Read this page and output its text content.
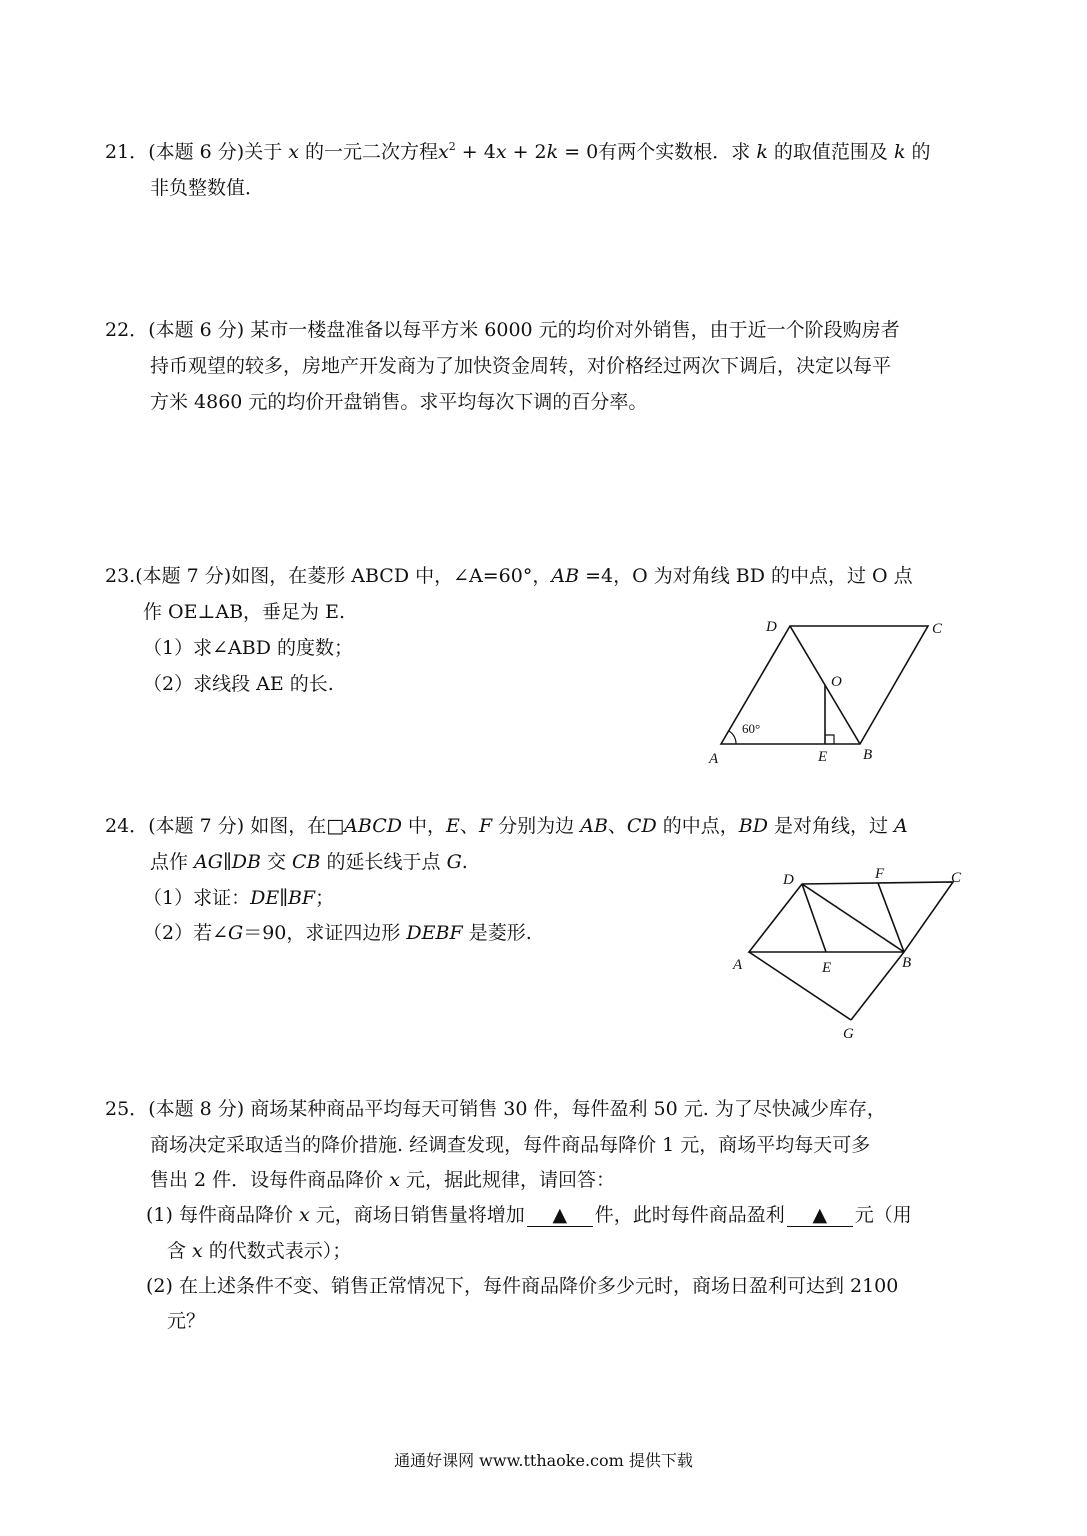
21．(本题 6 分)关于 x 的一元二次方程$x^2 + 4x + 2k = 0$有两个实数根．求 k 的取值范围及 k 的
非负整数值．
22．(本题 6 分) 某市一楼盘准备以每平方米 6000 元的均价对外销售，由于近一个阶段购房者
持币观望的较多，房地产开发商为了加快资金周转，对价格经过两次下调后，决定以每平
方米 4860 元的均价开盘销售。求平均每次下调的百分率。
23.(本题 7 分)如图，在菱形 ABCD 中，∠A=60°，AB =4，O 为对角线 BD 的中点，过 O 点
作 OE⊥AB，垂足为 E.
（1）求∠ABD 的度数；
（2）求线段 AE 的长.
D	C
O
60°
A	E B
24．(本题 7 分) 如图，在□ABCD 中，E、F 分别为边 AB、CD 的中点，BD 是对角线，过 A
点作 AG∥DB 交 CB 的延长线于点 G.
（1）求证：DE∥BF；
（2）若∠G＝90，求证四边形 DEBF 是菱形.
D	F	C
A	E	B
G
25．(本题 8 分) 商场某种商品平均每天可销售 30 件，每件盈利 50 元. 为了尽快减少库存，
商场决定采取适当的降价措施. 经调查发现，每件商品每降价 1 元，商场平均每天可多
售出 2 件．设每件商品降价 x 元，据此规律，请回答：
(1) 每件商品降价 x 元，商场日销售量将增加 ▲ 件，此时每件商品盈利 ▲ 元（用
含 x 的代数式表示）；
(2) 在上述条件不变、销售正常情况下，每件商品降价多少元时，商场日盈利可达到 2100
元？
通通好课网 www.tthaoke.com 提供下载
